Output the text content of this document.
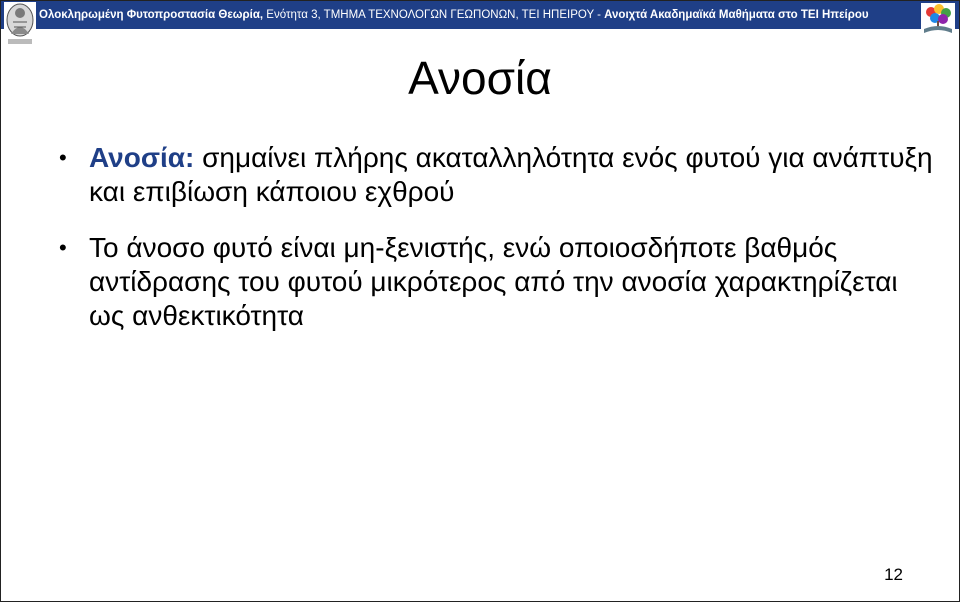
Ολοκληρωμένη Φυτοπροστασία Θεωρία, Ενότητα 3, ΤΜΗΜΑ ΤΕΧΝΟΛΟΓΩΝ ΓΕΩΠΟΝΩΝ, ΤΕΙ ΗΠΕΙΡΟΥ - Ανοιχτά Ακαδημαϊκά Μαθήματα στο ΤΕΙ Ηπείρου
Ανοσία
• Ανοσία: σημαίνει πλήρης ακαταλληλότητα ενός φυτού για ανάπτυξη και επιβίωση κάποιου εχθρού
• Το άνοσο φυτό είναι μη-ξενιστής, ενώ οποιοσδήποτε βαθμός αντίδρασης του φυτού μικρότερος από την ανοσία χαρακτηρίζεται ως ανθεκτικότητα
12
